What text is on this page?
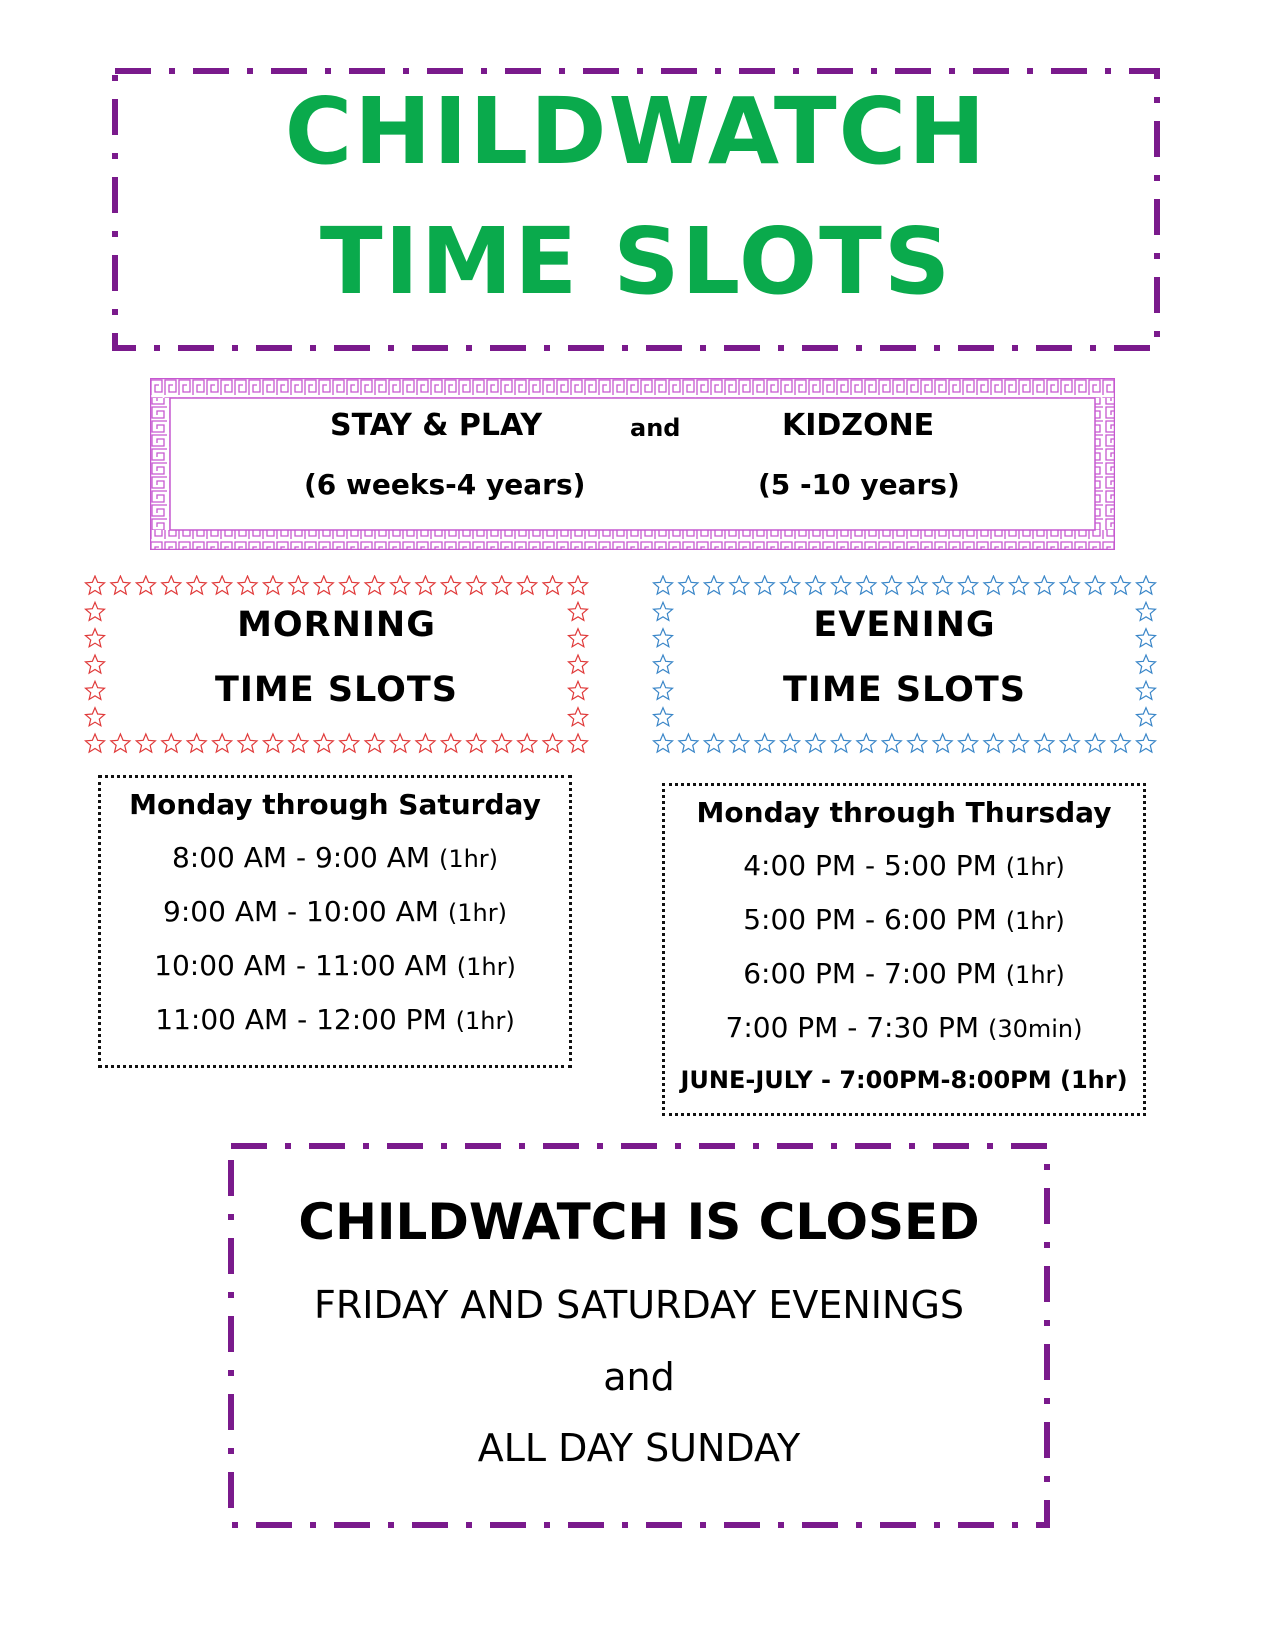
CHILDWATCH
TIME SLOTS
STAY & PLAY	and	KIDZONE
(6 weeks-4 years)	(5 -10 years)
MORNING
TIME SLOTS
EVENING
TIME SLOTS
Monday through Saturday
8:00 AM - 9:00 AM (1hr)
9:00 AM - 10:00 AM (1hr)
10:00 AM - 11:00 AM (1hr)
11:00 AM - 12:00 PM (1hr)
Monday through Thursday
4:00 PM - 5:00 PM (1hr)
5:00 PM - 6:00 PM (1hr)
6:00 PM - 7:00 PM (1hr)
7:00 PM - 7:30 PM (30min)
JUNE-JULY - 7:00PM-8:00PM (1hr)
CHILDWATCH IS CLOSED
FRIDAY AND SATURDAY EVENINGS
and
ALL DAY SUNDAY
